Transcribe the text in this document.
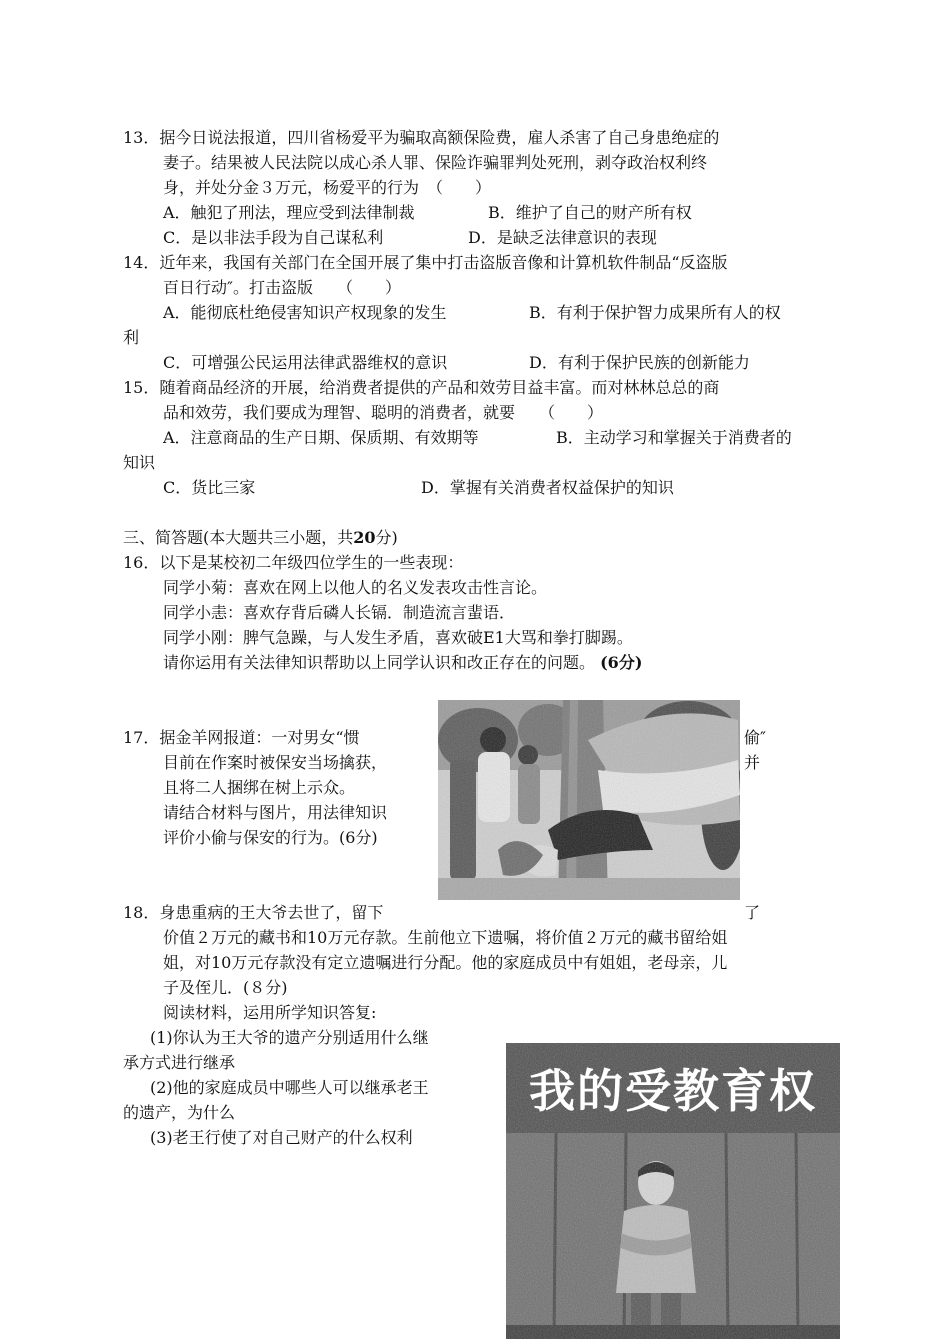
13．据今日说法报道，四川省杨爱平为骗取高额保险费，雇人杀害了自己身患绝症的
妻子。结果被人民法院以成心杀人罪、保险诈骗罪判处死刑，剥夺政治权利终
身，并处分金３万元，杨爱平的行为　（　　）
A．触犯了刑法，理应受到法律制裁	B．维护了自己的财产所有权
C．是以非法手段为自己谋私利	D．是缺乏法律意识的表现
14．近年来，我国有关部门在全国开展了集中打击盗版音像和计算机软件制品“反盗版
百日行动″。打击盗版　　（　　）
A．能彻底杜绝侵害知识产权现象的发生	B．有利于保护智力成果所有人的权
利
C．可增强公民运用法律武器维权的意识	D．有利于保护民族的创新能力
15．随着商品经济的开展，给消费者提供的产品和效劳目益丰富。而对林林总总的商
品和效劳，我们要成为理智、聪明的消费者，就要　　（　　）
A．注意商品的生产日期、保质期、有效期等	B．主动学习和掌握关于消费者的
知识
C．货比三家	D．掌握有关消费者权益保护的知识
三、简答题(本大题共三小题，共20分)
16．以下是某校初二年级四位学生的一些表现：
同学小菊：喜欢在网上以他人的名义发表攻击性言论。
同学小恚：喜欢存背后磷人长镉．制造流言蜚语．
同学小刚：脾气急躁，与人发生矛盾，喜欢破E1大骂和拳打脚踢。
请你运用有关法律知识帮助以上同学认识和改正存在的问题。 (6分)
17．据金羊网报道：一对男女“惯	偷″
目前在作案时被保安当场擒获，	并
且将二人捆绑在树上示众。
请结合材料与图片，用法律知识
评价小偷与保安的行为。(6分)
18．身患重病的王大爷去世了，留下	了
价值２万元的藏书和10万元存款。生前他立下遗嘱，将价值２万元的藏书留给姐
姐，对10万元存款没有定立遗嘱进行分配。他的家庭成员中有姐姐，老母亲，儿
子及侄儿．(８分)
阅读材料，运用所学知识答复:
(1)你认为王大爷的遗产分别适用什么继
承方式进行继承
(2)他的家庭成员中哪些人可以继承老王
的遗产，为什么
(3)老王行使了对自己财产的什么权利
我的受教育权
